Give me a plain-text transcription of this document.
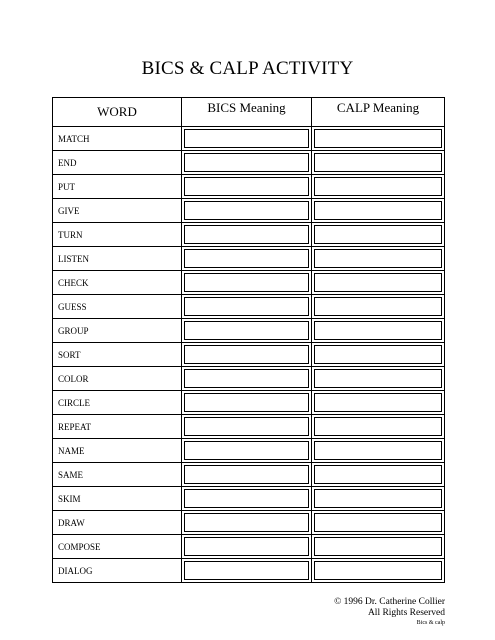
BICS & CALP ACTIVITY
WORD	BICS Meaning	CALP Meaning
MATCH	

END	

PUT	

GIVE	

TURN	

LISTEN	

CHECK	

GUESS	

GROUP	

SORT	

COLOR	

CIRCLE	

REPEAT	

NAME	

SAME	

SKIM	

DRAW	

COMPOSE	

DIALOG	

© 1996 Dr. Catherine Collier
All Rights Reserved
Bics & calp
